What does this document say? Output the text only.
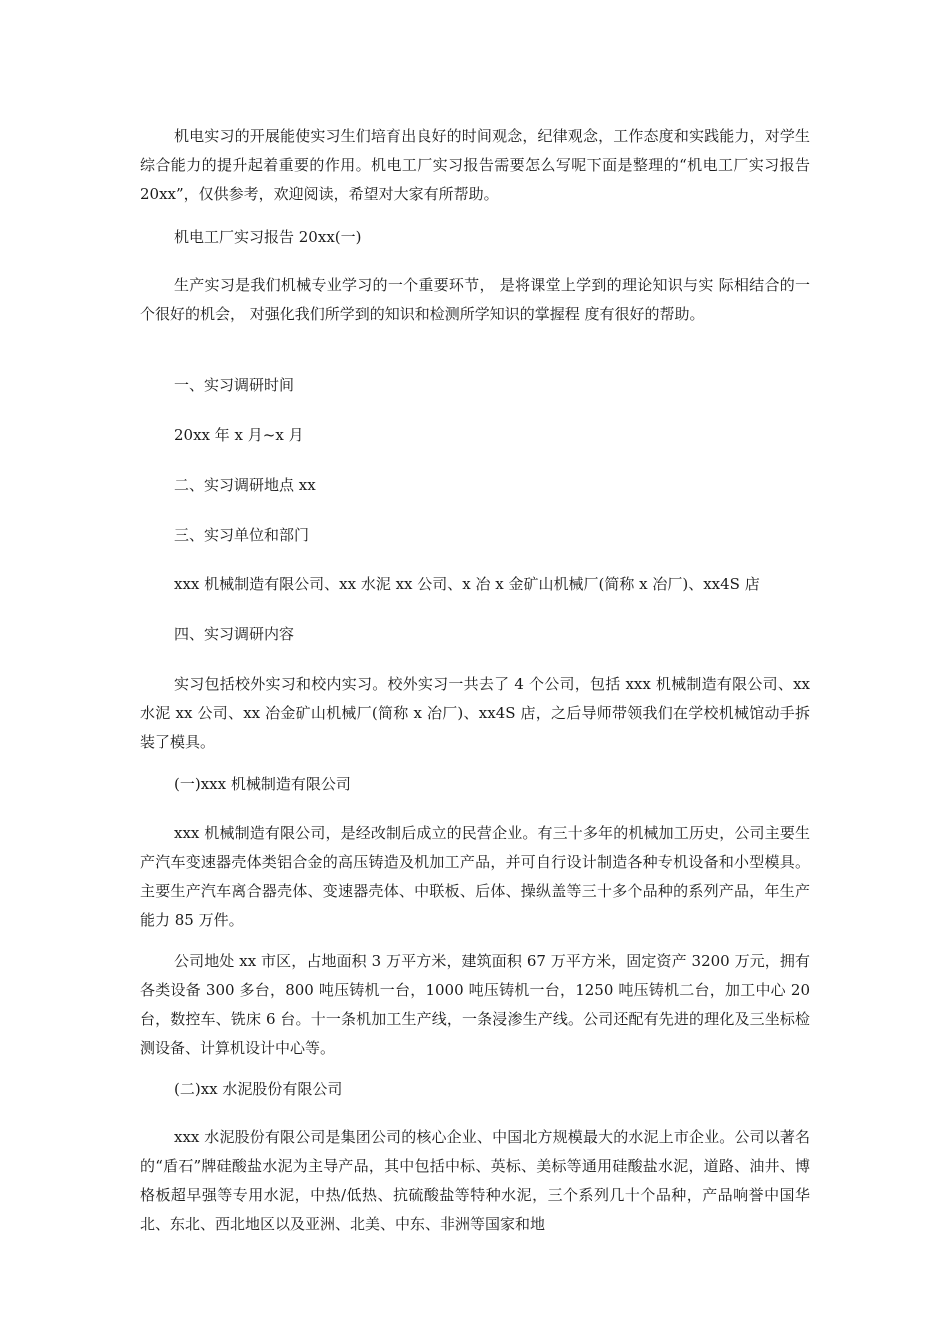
机电实习的开展能使实习生们培育出良好的时间观念，纪律观念，工作态度和实践能力，对学生综合能力的提升起着重要的作用。机电工厂实习报告需要怎么写呢下面是整理的“机电工厂实习报告 20xx”，仅供参考，欢迎阅读，希望对大家有所帮助。

机电工厂实习报告 20xx(一)

生产实习是我们机械专业学习的一个重要环节， 是将课堂上学到的理论知识与实 际相结合的一个很好的机会， 对强化我们所学到的知识和检测所学知识的掌握程 度有很好的帮助。

一、实习调研时间

20xx 年 x 月~x 月

二、实习调研地点 xx

三、实习单位和部门

xxx 机械制造有限公司、xx 水泥 xx 公司、x 冶 x 金矿山机械厂(简称 x 冶厂)、xx4S 店

四、实习调研内容

实习包括校外实习和校内实习。校外实习一共去了 4 个公司，包括 xxx 机械制造有限公司、xx 水泥 xx 公司、xx 冶金矿山机械厂(简称 x 冶厂)、xx4S 店，之后导师带领我们在学校机械馆动手拆装了模具。

(一)xxx 机械制造有限公司

xxx 机械制造有限公司，是经改制后成立的民营企业。有三十多年的机械加工历史，公司主要生产汽车变速器壳体类铝合金的高压铸造及机加工产品，并可自行设计制造各种专机设备和小型模具。主要生产汽车离合器壳体、变速器壳体、中联板、后体、操纵盖等三十多个品种的系列产品，年生产能力 85 万件。

公司地处 xx 市区，占地面积 3 万平方米，建筑面积 67 万平方米，固定资产 3200 万元，拥有各类设备 300 多台，800 吨压铸机一台，1000 吨压铸机一台，1250 吨压铸机二台，加工中心 20 台，数控车、铣床 6 台。十一条机加工生产线，一条浸渗生产线。公司还配有先进的理化及三坐标检测设备、计算机设计中心等。

(二)xx 水泥股份有限公司

xxx 水泥股份有限公司是集团公司的核心企业、中国北方规模最大的水泥上市企业。公司以著名的“盾石”牌硅酸盐水泥为主导产品，其中包括中标、英标、美标等通用硅酸盐水泥，道路、油井、博格板超早强等专用水泥，中热/低热、抗硫酸盐等特种水泥，三个系列几十个品种，产品响誉中国华北、东北、西北地区以及亚洲、北美、中东、非洲等国家和地
